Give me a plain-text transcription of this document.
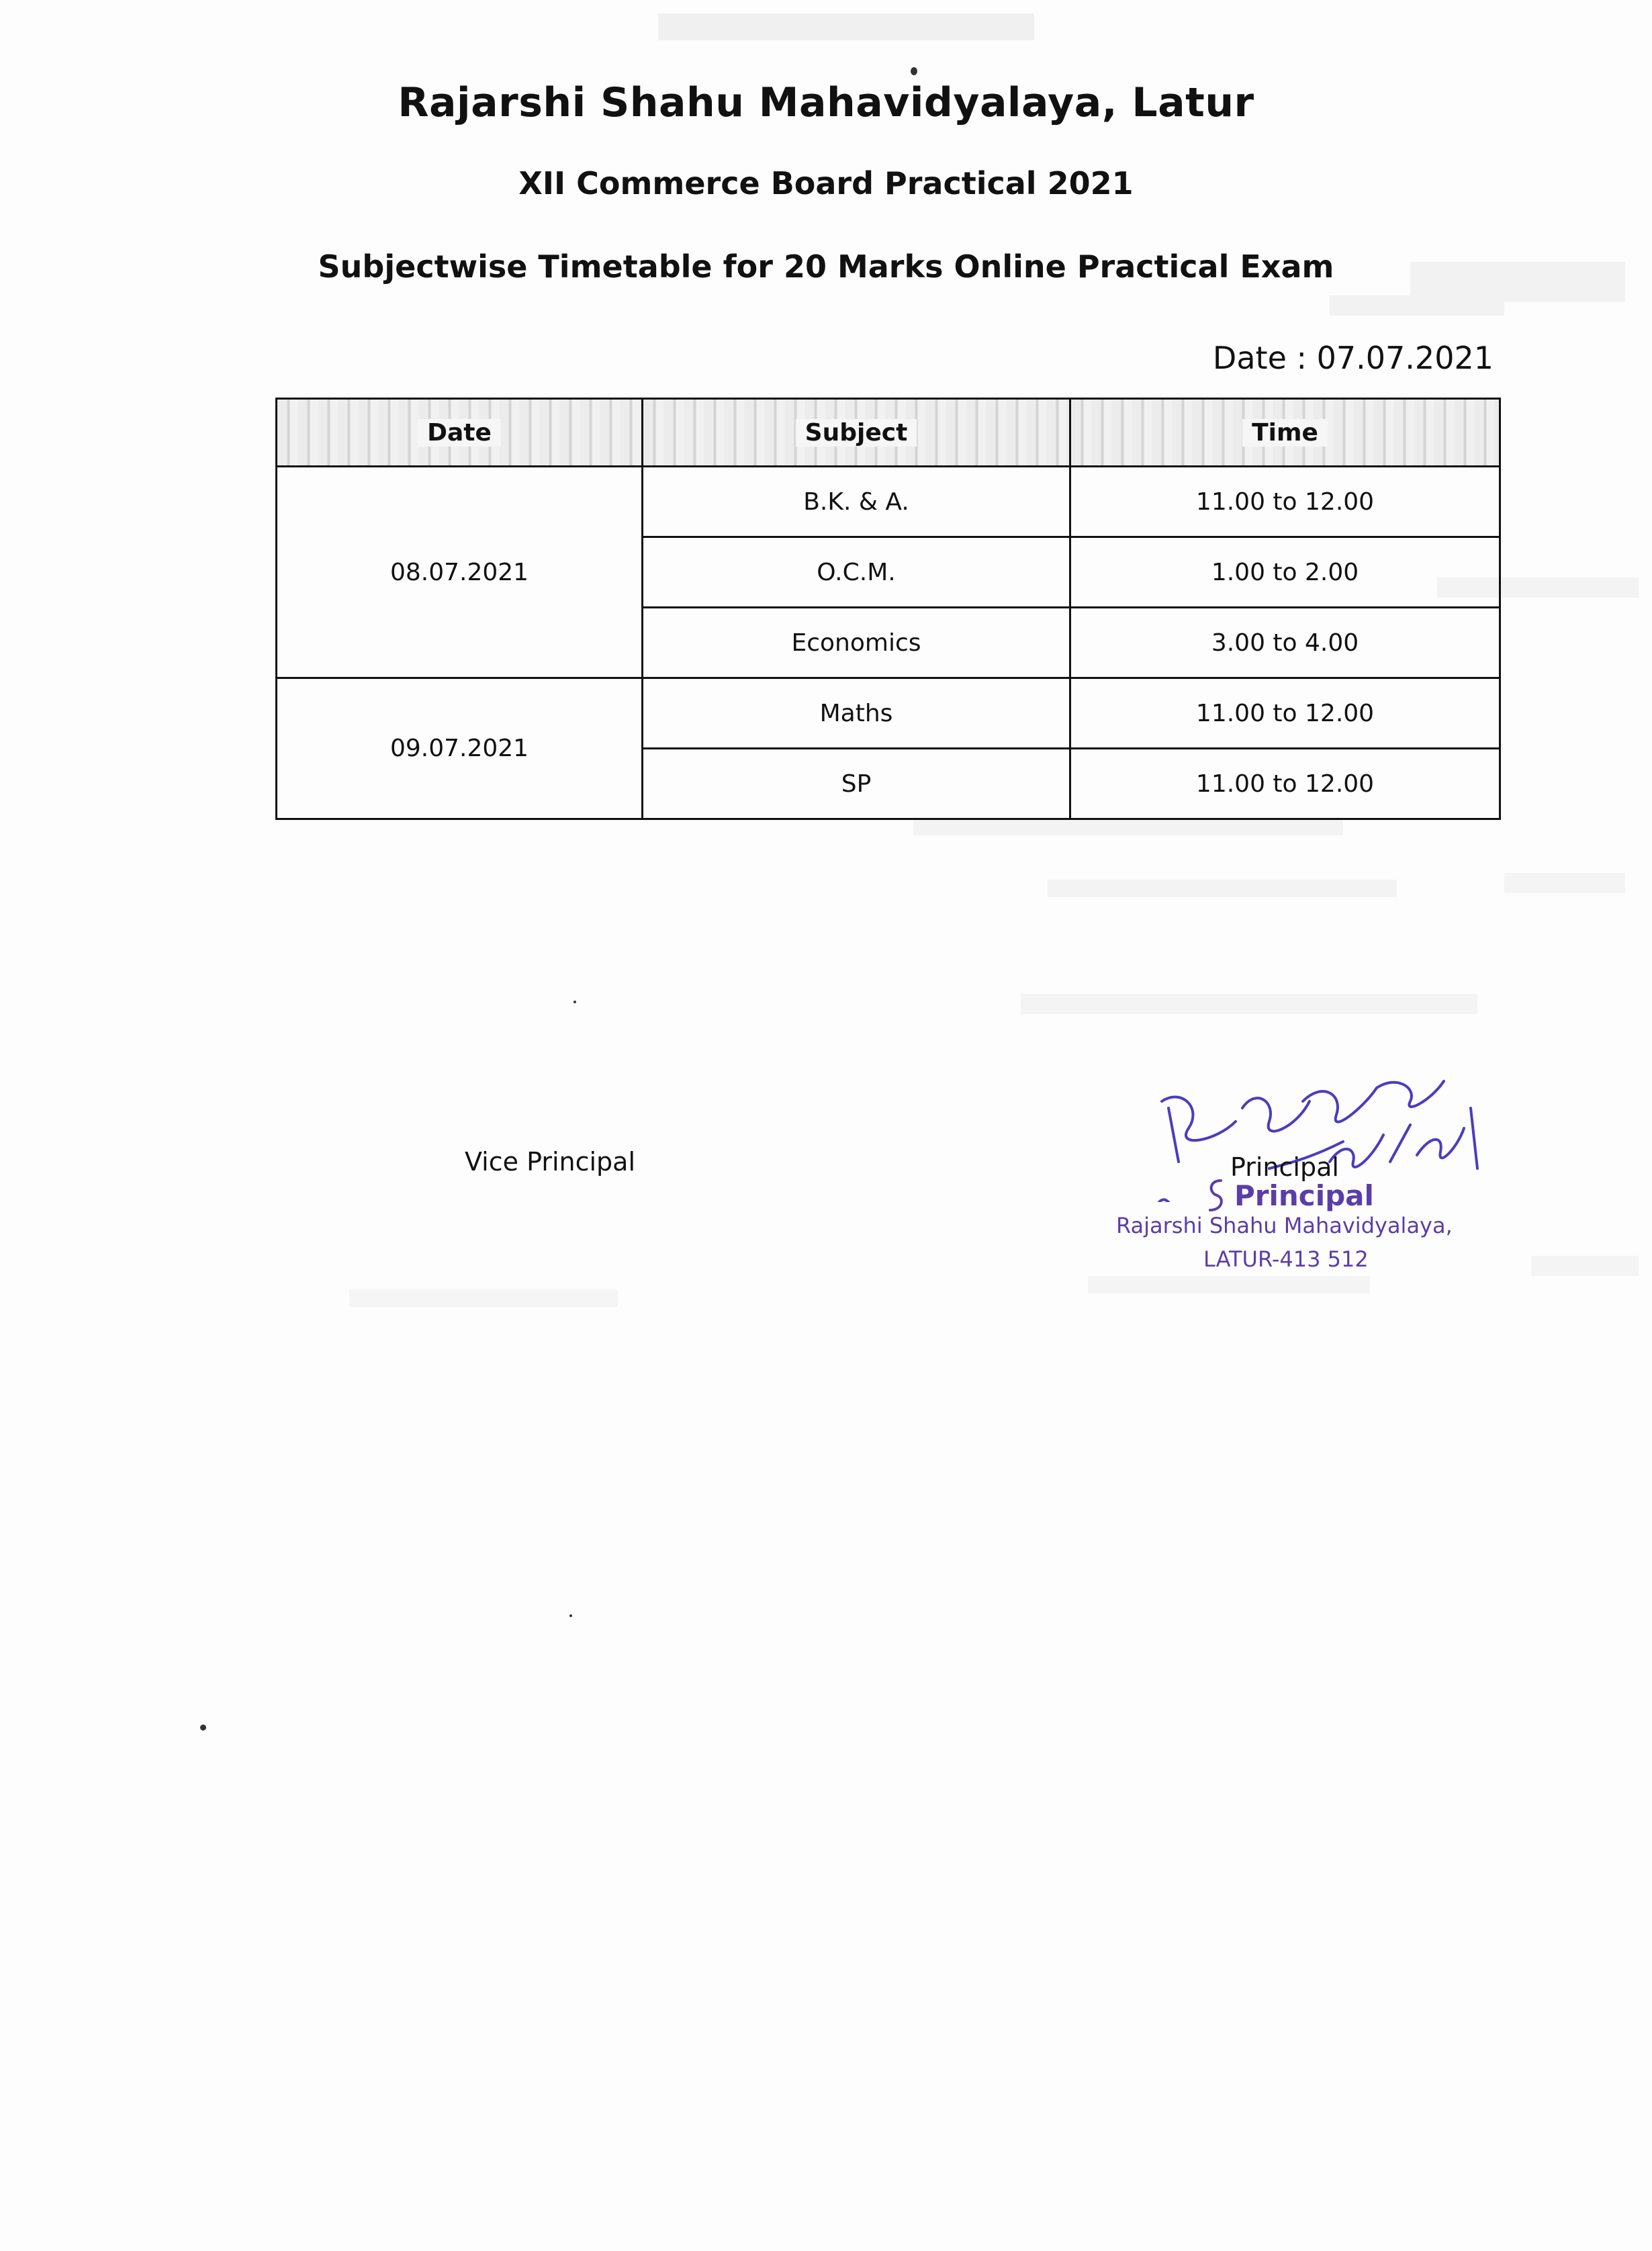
Rajarshi Shahu Mahavidyalaya, Latur
XII Commerce Board Practical 2021
Subjectwise Timetable for 20 Marks Online Practical Exam
Date : 07.07.2021
Date	Subject	Time
08.07.2021	B.K. & A.	11.00 to 12.00
	O.C.M.	1.00 to 2.00
	Economics	3.00 to 4.00
09.07.2021	Maths	11.00 to 12.00
	SP	11.00 to 12.00
Vice Principal	Principal
Principal
Rajarshi Shahu Mahavidyalaya,
LATUR-413 512
